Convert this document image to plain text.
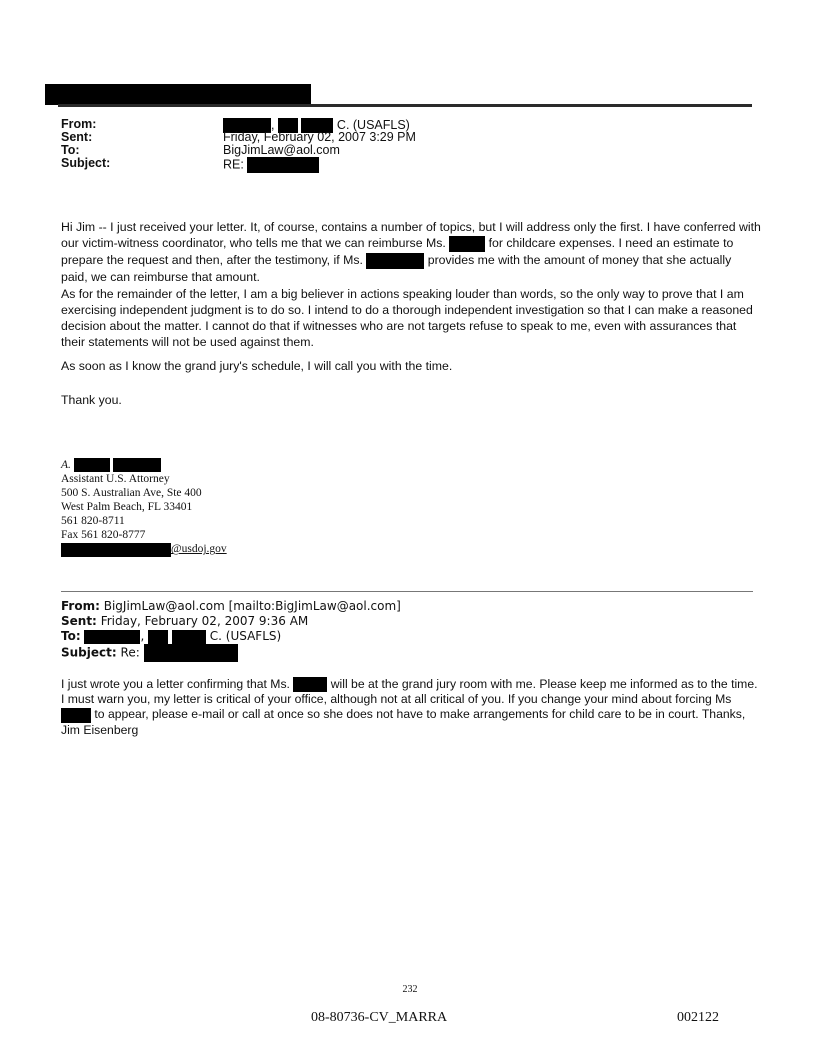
From:	,	C. (USAFLS)
Sent:	Friday, February 02, 2007 3:29 PM
To:	BigJimLaw@aol.com
Subject:	RE:

Hi Jim -- I just received your letter. It, of course, contains a number of topics, but I will address only the first. I have conferred with our victim-witness coordinator, who tells me that we can reimburse Ms.	for childcare expenses. I need an estimate to prepare the request and then, after the testimony, if Ms.	provides me with the amount of money that she actually paid, we can reimburse that amount.

As for the remainder of the letter, I am a big believer in actions speaking louder than words, so the only way to prove that I am exercising independent judgment is to do so. I intend to do a thorough independent investigation so that I can make a reasoned decision about the matter. I cannot do that if witnesses who are not targets refuse to speak to me, even with assurances that their statements will not be used against them.

As soon as I know the grand jury's schedule, I will call you with the time.

Thank you.

A.
Assistant U.S. Attorney
500 S. Australian Ave, Ste 400
West Palm Beach, FL 33401
561 820-8711
Fax 561 820-8777
@usdoj.gov
From: BigJimLaw@aol.com [mailto:BigJimLaw@aol.com]
Sent: Friday, February 02, 2007 9:36 AM
To:	,	C. (USAFLS)
Subject: Re:
I just wrote you a letter confirming that Ms.	will be at the grand jury room with me. Please keep me informed as to the time. I must warn you, my letter is critical of your office, although not at all critical of you. If you change your mind about forcing Ms  to appear, please e-mail or call at once so she does not have to make arrangements for child care to be in court. Thanks, Jim Eisenberg
232
08-80736-CV_MARRA	002122
